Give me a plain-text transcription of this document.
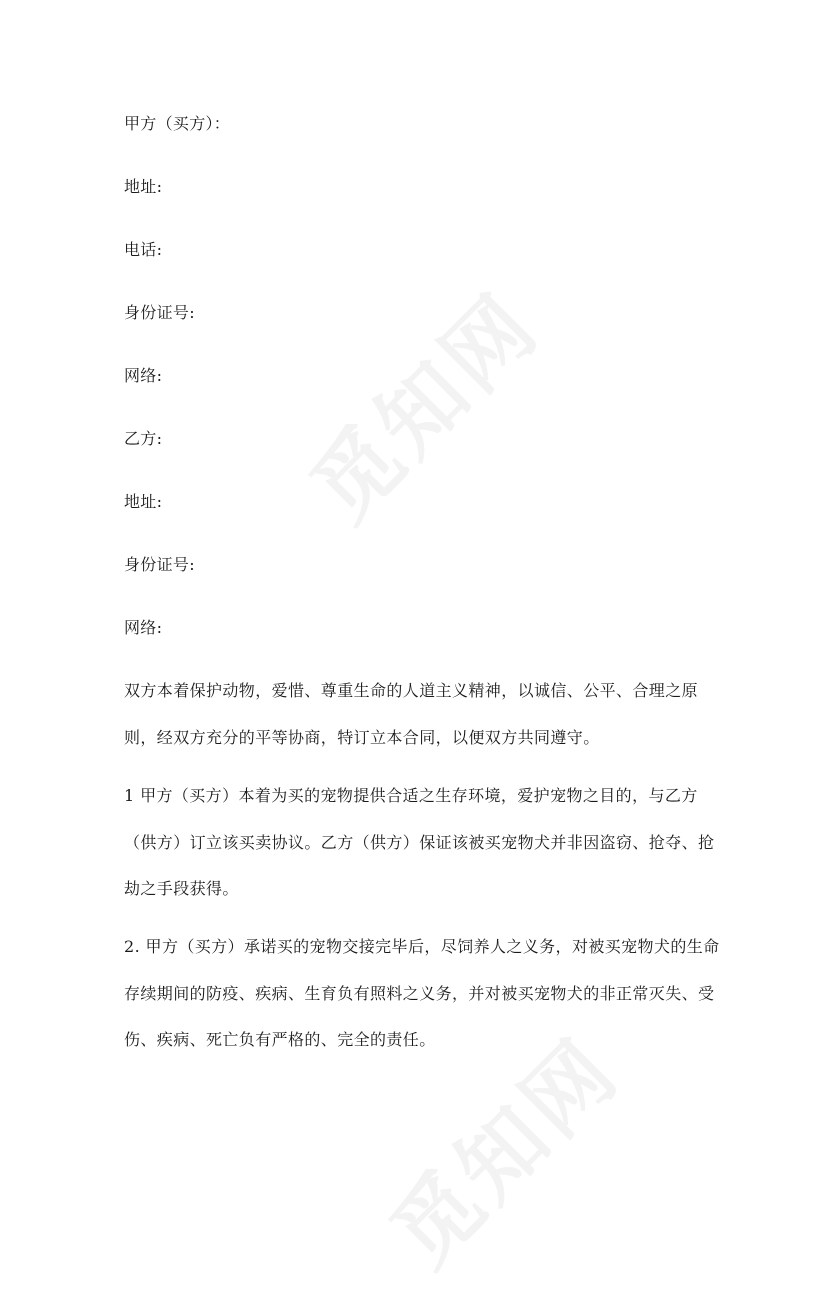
觅知网
觅知网
甲方（买方）：
地址:
电话:
身份证号:
网络:
乙方:
地址:
身份证号:
网络:
双方本着保护动物，爱惜、尊重生命的人道主义精神，以诚信、公平、合理之原则，经双方充分的平等协商，特订立本合同，以便双方共同遵守。
1 甲方（买方）本着为买的宠物提供合适之生存环境，爱护宠物之目的，与乙方（供方）订立该买卖协议。乙方（供方）保证该被买宠物犬并非因盗窃、抢夺、抢劫之手段获得。
2. 甲方（买方）承诺买的宠物交接完毕后，尽饲养人之义务，对被买宠物犬的生命存续期间的防疫、疾病、生育负有照料之义务，并对被买宠物犬的非正常灭失、受伤、疾病、死亡负有严格的、完全的责任。
